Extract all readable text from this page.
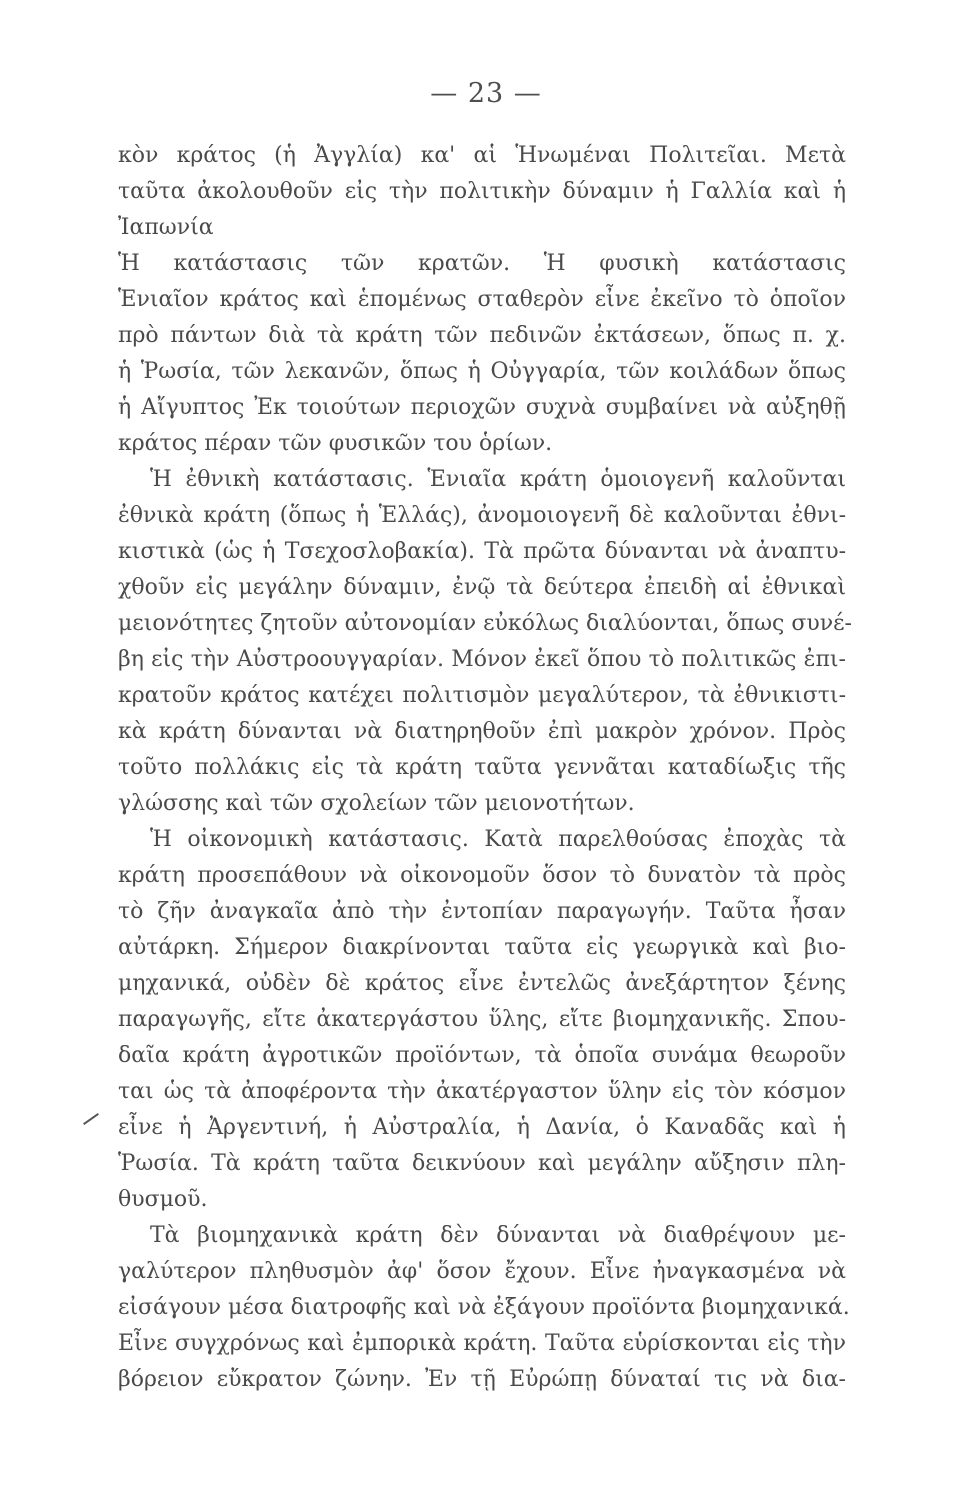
— 23 —
κὸν κράτος (ἡ Ἀγγλία) κα' αἱ Ἡνωμέναι Πολιτεῖαι. Μετὰ
ταῦτα ἀκολουθοῦν εἰς τὴν πολιτικὴν δύναμιν ἡ Γαλλία καὶ ἡ
Ἰαπωνία
Ἡ κατάστασις τῶν κρατῶν. Ἡ φυσικὴ κατάστασις
Ἑνιαῖον κράτος καὶ ἑπομένως σταθερὸν εἶνε ἐκεῖνο τὸ ὁποῖον
πρὸ πάντων διὰ τὰ κράτη τῶν πεδινῶν ἐκτάσεων, ὅπως π. χ.
ἡ Ῥωσία, τῶν λεκανῶν, ὅπως ἡ Οὐγγαρία, τῶν κοιλάδων ὅπως
ἡ Αἴγυπτος Ἐκ τοιούτων περιοχῶν συχνὰ συμβαίνει νὰ αὐξηθῇ
κράτος πέραν τῶν φυσικῶν του ὁρίων.
Ἡ ἐθνικὴ κατάστασις. Ἑνιαῖα κράτη ὁμοιογενῆ καλοῦνται
ἐθνικὰ κράτη (ὅπως ἡ Ἑλλάς), ἀνομοιογενῆ δὲ καλοῦνται ἐθνι-
κιστικὰ (ὡς ἡ Τσεχοσλοβακία). Τὰ πρῶτα δύνανται νὰ ἀναπτυ-
χθοῦν εἰς μεγάλην δύναμιν, ἐνῷ τὰ δεύτερα ἐπειδὴ αἱ ἐθνικαὶ
μειονότητες ζητοῦν αὐτονομίαν εὐκόλως διαλύονται, ὅπως συνέ-
βη εἰς τὴν Αὐστροουγγαρίαν. Μόνον ἐκεῖ ὅπου τὸ πολιτικῶς ἐπι-
κρατοῦν κράτος κατέχει πολιτισμὸν μεγαλύτερον, τὰ ἐθνικιστι-
κὰ κράτη δύνανται νὰ διατηρηθοῦν ἐπὶ μακρὸν χρόνον. Πρὸς
τοῦτο πολλάκις εἰς τὰ κράτη ταῦτα γεννᾶται καταδίωξις τῆς
γλώσσης καὶ τῶν σχολείων τῶν μειονοτήτων.
Ἡ οἰκονομικὴ κατάστασις. Κατὰ παρελθούσας ἐποχὰς τὰ
κράτη προσεπάθουν νὰ οἰκονομοῦν ὅσον τὸ δυνατὸν τὰ πρὸς
τὸ ζῆν ἀναγκαῖα ἀπὸ τὴν ἐντοπίαν παραγωγήν. Ταῦτα ἦσαν
αὐτάρκη. Σήμερον διακρίνονται ταῦτα εἰς γεωργικὰ καὶ βιο-
μηχανικά, οὐδὲν δὲ κράτος εἶνε ἐντελῶς ἀνεξάρτητον ξένης
παραγωγῆς, εἴτε ἀκατεργάστου ὕλης, εἴτε βιομηχανικῆς. Σπου-
δαῖα κράτη ἀγροτικῶν προϊόντων, τὰ ὁποῖα συνάμα θεωροῦν
ται ὡς τὰ ἀποφέροντα τὴν ἀκατέργαστον ὕλην εἰς τὸν κόσμον
εἶνε ἡ Ἀργεντινή, ἡ Αὐστραλία, ἡ Δανία, ὁ Καναδᾶς καὶ ἡ
Ῥωσία. Τὰ κράτη ταῦτα δεικνύουν καὶ μεγάλην αὔξησιν πλη-
θυσμοῦ.
Τὰ βιομηχανικὰ κράτη δὲν δύνανται νὰ διαθρέψουν με-
γαλύτερον πληθυσμὸν ἀφ' ὅσον ἔχουν. Εἶνε ἠναγκασμένα νὰ
εἰσάγουν μέσα διατροφῆς καὶ νὰ ἐξάγουν προϊόντα βιομηχανικά.
Εἶνε συγχρόνως καὶ ἐμπορικὰ κράτη. Ταῦτα εὑρίσκονται εἰς τὴν
βόρειον εὔκρατον ζώνην. Ἐν τῇ Εὐρώπῃ δύναταί τις νὰ δια-
